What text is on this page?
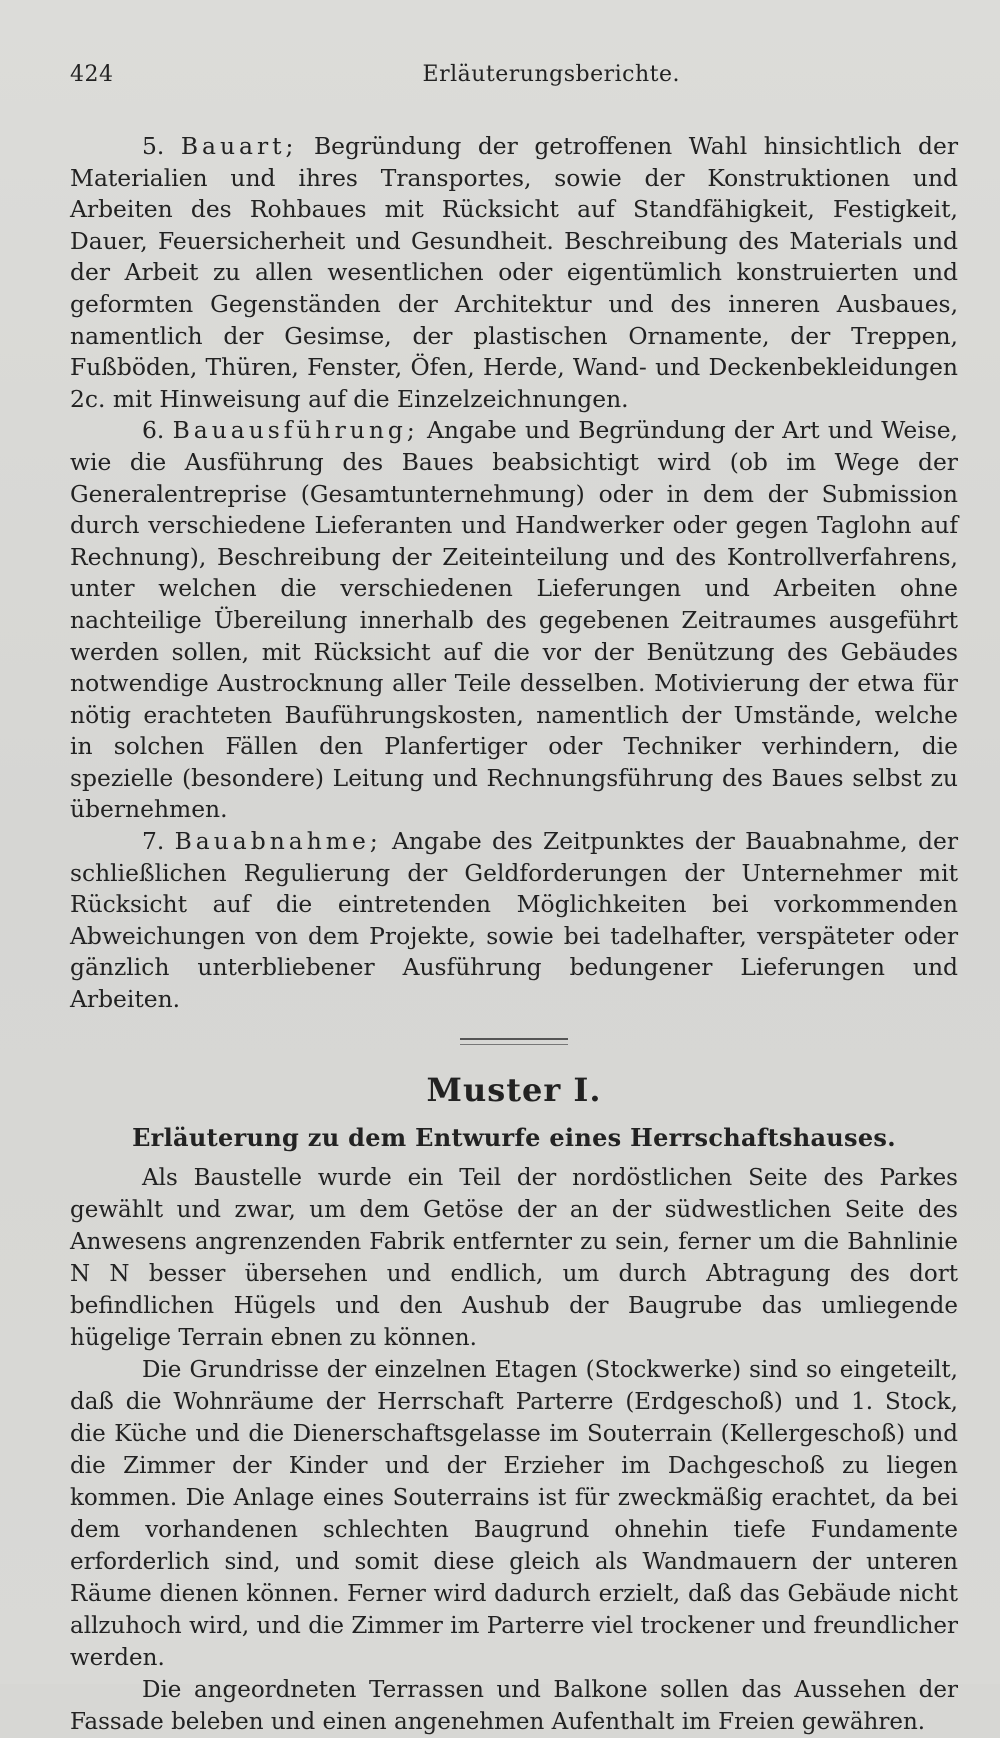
424	Erläuterungsberichte.

5. Bauart; Begründung der getroffenen Wahl hinsichtlich der Materialien und ihres Transportes, sowie der Konstruktionen und Arbeiten des Rohbaues mit Rücksicht auf Standfähigkeit, Festigkeit, Dauer, Feuersicherheit und Gesundheit. Beschreibung des Materials und der Arbeit zu allen wesentlichen oder eigentümlich konstruierten und geformten Gegenständen der Architektur und des inneren Ausbaues, namentlich der Gesimse, der plastischen Ornamente, der Treppen, Fußböden, Thüren, Fenster, Öfen, Herde, Wand- und Deckenbekleidungen 2c. mit Hinweisung auf die Einzelzeichnungen.

6. Bauausführung; Angabe und Begründung der Art und Weise, wie die Ausführung des Baues beabsichtigt wird (ob im Wege der Generalentreprise (Gesamtunternehmung) oder in dem der Submission durch verschiedene Lieferanten und Handwerker oder gegen Taglohn auf Rechnung), Beschreibung der Zeiteinteilung und des Kontrollverfahrens, unter welchen die verschiedenen Lieferungen und Arbeiten ohne nachteilige Übereilung innerhalb des gegebenen Zeitraumes ausgeführt werden sollen, mit Rücksicht auf die vor der Benützung des Gebäudes notwendige Austrocknung aller Teile desselben. Motivierung der etwa für nötig erachteten Bauführungskosten, namentlich der Umstände, welche in solchen Fällen den Planfertiger oder Techniker verhindern, die spezielle (besondere) Leitung und Rechnungsführung des Baues selbst zu übernehmen.

7. Bauabnahme; Angabe des Zeitpunktes der Bauabnahme, der schließlichen Regulierung der Geldforderungen der Unternehmer mit Rücksicht auf die eintretenden Möglichkeiten bei vorkommenden Abweichungen von dem Projekte, sowie bei tadelhafter, verspäteter oder gänzlich unterbliebener Ausführung bedungener Lieferungen und Arbeiten.

Muster I.
Erläuterung zu dem Entwurfe eines Herrschaftshauses.

Als Baustelle wurde ein Teil der nordöstlichen Seite des Parkes gewählt und zwar, um dem Getöse der an der südwestlichen Seite des Anwesens angrenzenden Fabrik entfernter zu sein, ferner um die Bahnlinie N N besser übersehen und endlich, um durch Abtragung des dort befindlichen Hügels und den Aushub der Baugrube das umliegende hügelige Terrain ebnen zu können.

Die Grundrisse der einzelnen Etagen (Stockwerke) sind so eingeteilt, daß die Wohnräume der Herrschaft Parterre (Erdgeschoß) und 1. Stock, die Küche und die Dienerschaftsgelasse im Souterrain (Kellergeschoß) und die Zimmer der Kinder und der Erzieher im Dachgeschoß zu liegen kommen. Die Anlage eines Souterrains ist für zweckmäßig erachtet, da bei dem vorhandenen schlechten Baugrund ohnehin tiefe Fundamente erforderlich sind, und somit diese gleich als Wandmauern der unteren Räume dienen können. Ferner wird dadurch erzielt, daß das Gebäude nicht allzuhoch wird, und die Zimmer im Parterre viel trockener und freundlicher werden.

Die angeordneten Terrassen und Balkone sollen das Aussehen der Fassade beleben und einen angenehmen Aufenthalt im Freien gewähren.
